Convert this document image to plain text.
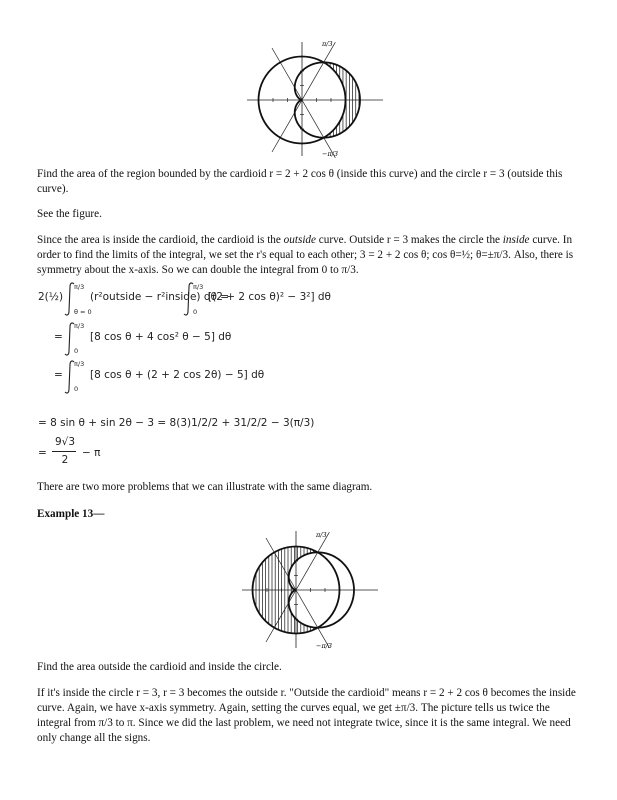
π/3
−π/3

Find the area of the region bounded by the cardioid r = 2 + 2 cos θ (inside this curve) and the circle r = 3 (outside this curve).

See the figure.

Since the area is inside the cardioid, the cardioid is the outside curve. Outside r = 3 makes the circle the inside curve. In order to find the limits of the integral, we set the r's equal to each other; 3 = 2 + 2 cos θ; cos θ=½; θ=±π/3. Also, there is symmetry about the x-axis. So we can double the integral from 0 to π/3.

2(½)
π/3
θ = 0
(r²outside − r²inside) dθ =
π/3
0
[(2 + 2 cos θ)² − 3²] dθ
=
π/3
0
[8 cos θ + 4 cos² θ − 5] dθ
=
π/3
0
[8 cos θ + (2 + 2 cos 2θ) − 5] dθ
= 8 sin θ + sin 2θ − 3 = 8(3)1/2/2 + 31/2/2 − 3(π/3)
=
9√3
2
− π

There are two more problems that we can illustrate with the same diagram.

Example 13—

π/3
−π/3

Find the area outside the cardioid and inside the circle.

If it's inside the circle r = 3, r = 3 becomes the outside r. "Outside the cardioid" means r = 2 + 2 cos θ becomes the inside curve. Again, we have x-axis symmetry. Again, setting the curves equal, we get ±π/3. The picture tells us twice the integral from π/3 to π. Since we did the last problem, we need not integrate twice, since it is the same integral. We need only change all the signs.
